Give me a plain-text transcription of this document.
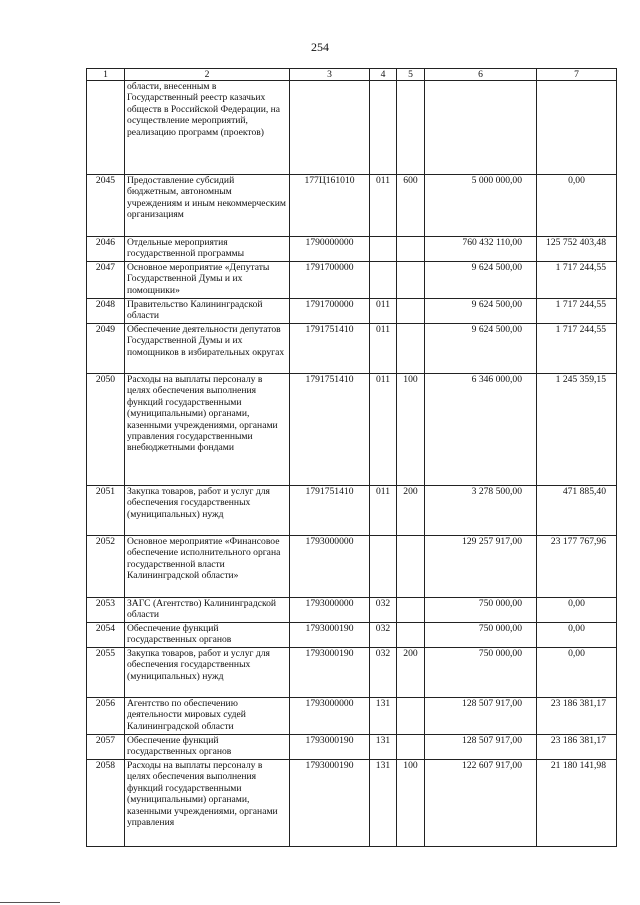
254
1	2	3	4	5	6	7
	области, внесенным в Государственный реестр казачьих обществ в Российской Федерации, на осуществление мероприятий, реализацию программ (проектов)					
2045	Предоставление субсидий бюджетным, автономным учреждениям и иным некоммерческим организациям	177Ц161010	011	600	5 000 000,00	0,00
2046	Отдельные мероприятия государственной программы	1790000000			760 432 110,00	125 752 403,48
2047	Основное мероприятие «Депутаты Государственной Думы и их помощники»	1791700000			9 624 500,00	1 717 244,55
2048	Правительство Калининградской области	1791700000	011		9 624 500,00	1 717 244,55
2049	Обеспечение деятельности депутатов Государственной Думы и их помощников в избирательных округах	1791751410	011		9 624 500,00	1 717 244,55
2050	Расходы на выплаты персоналу в целях обеспечения выполнения функций государственными (муниципальными) органами, казенными учреждениями, органами управления государственными внебюджетными фондами	1791751410	011	100	6 346 000,00	1 245 359,15
2051	Закупка товаров, работ и услуг для обеспечения государственных (муниципальных) нужд	1791751410	011	200	3 278 500,00	471 885,40
2052	Основное мероприятие «Финансовое обеспечение исполнительного органа государственной власти Калининградской области»	1793000000			129 257 917,00	23 177 767,96
2053	ЗАГС (Агентство) Калининградской области	1793000000	032		750 000,00	0,00
2054	Обеспечение функций государственных органов	1793000190	032		750 000,00	0,00
2055	Закупка товаров, работ и услуг для обеспечения государственных (муниципальных) нужд	1793000190	032	200	750 000,00	0,00
2056	Агентство по обеспечению деятельности мировых судей Калининградской области	1793000000	131		128 507 917,00	23 186 381,17
2057	Обеспечение функций государственных органов	1793000190	131		128 507 917,00	23 186 381,17
2058	Расходы на выплаты персоналу в целях обеспечения выполнения функций государственными (муниципальными) органами, казенными учреждениями, органами управления	1793000190	131	100	122 607 917,00	21 180 141,98
